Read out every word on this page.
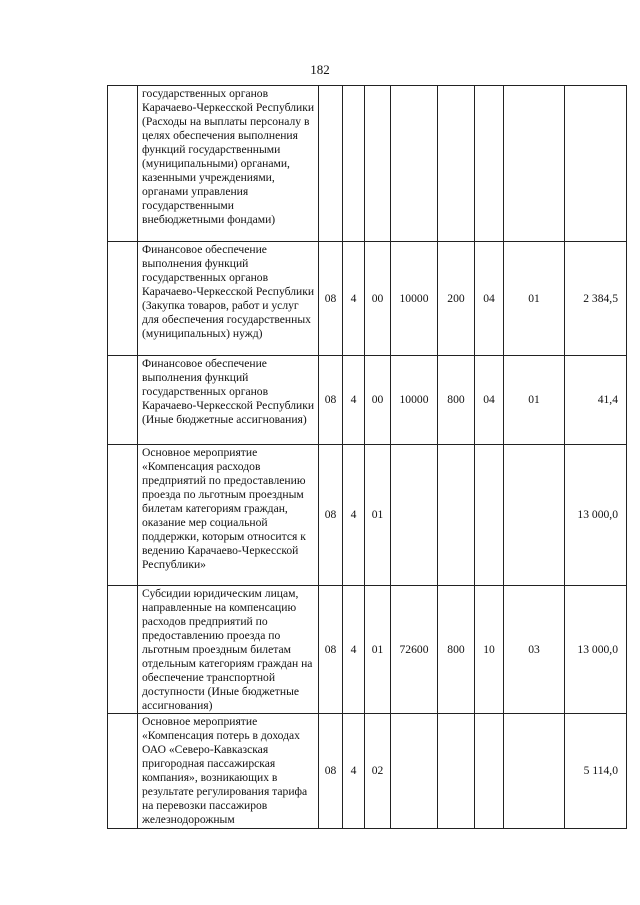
182
	государственных органов Карачаево-Черкесской Республики (Расходы на выплаты персоналу в целях обеспечения выполнения функций государственными (муниципальными) органами, казенными учреждениями, органами управления государственными внебюджетными фондами)								
	Финансовое обеспечение выполнения функций государственных органов Карачаево-Черкесской Республики (Закупка товаров, работ и услуг для обеспечения государственных (муниципальных) нужд)	08	4	00	10000	200	04	01	2 384,5
	Финансовое обеспечение выполнения функций государственных органов Карачаево-Черкесской Республики (Иные бюджетные ассигнования)	08	4	00	10000	800	04	01	41,4
	Основное мероприятие «Компенсация расходов предприятий по предоставлению проезда по льготным проездным билетам категориям граждан, оказание мер социальной поддержки, которым относится к ведению Карачаево-Черкесской Республики»	08	4	01					13 000,0
	Субсидии юридическим лицам, направленные на компенсацию расходов предприятий по предоставлению проезда по льготным проездным билетам отдельным категориям граждан на обеспечение транспортной доступности (Иные бюджетные ассигнования)	08	4	01	72600	800	10	03	13 000,0
	Основное мероприятие «Компенсация потерь в доходах ОАО «Северо-Кавказская пригородная пассажирская компания», возникающих в результате регулирования тарифа на перевозки пассажиров железнодорожным	08	4	02					5 114,0
